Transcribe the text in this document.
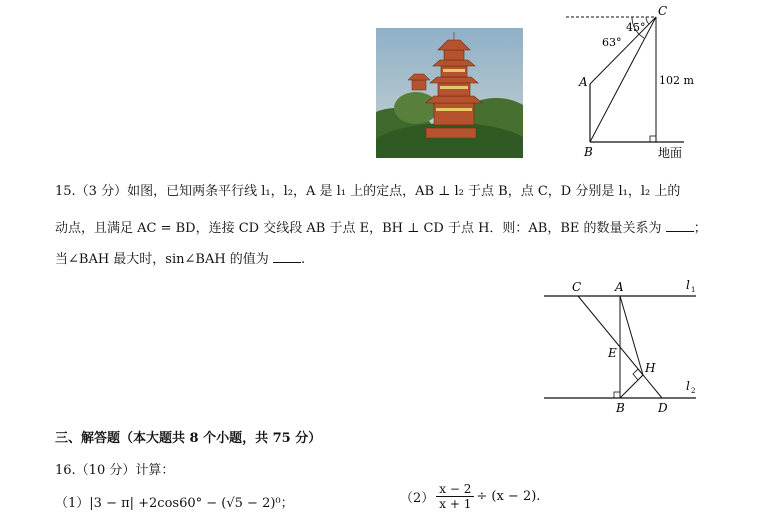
C
A
B
45°
63°
102 m
地面
15.（3 分）如图，已知两条平行线 l₁，l₂，A 是 l₁ 上的定点，AB ⊥ l₂ 于点 B，点 C，D 分别是 l₁，l₂ 上的
动点，且满足 AC = BD，连接 CD 交线段 AB 于点 E，BH ⊥ CD 于点 H．则：AB，BE 的数量关系为 ；
当∠BAH 最大时，sin∠BAH 的值为 .
C	A	l 1
E
H
l 2
B	D
三、解答题（本大题共 8 个小题，共 75 分）
16.（10 分）计算：
（1）|3 − π| +2cos60° − (√5 − 2)⁰；	$(2) \frac{x - 2}{x + 1} \div (x - 2)$.
